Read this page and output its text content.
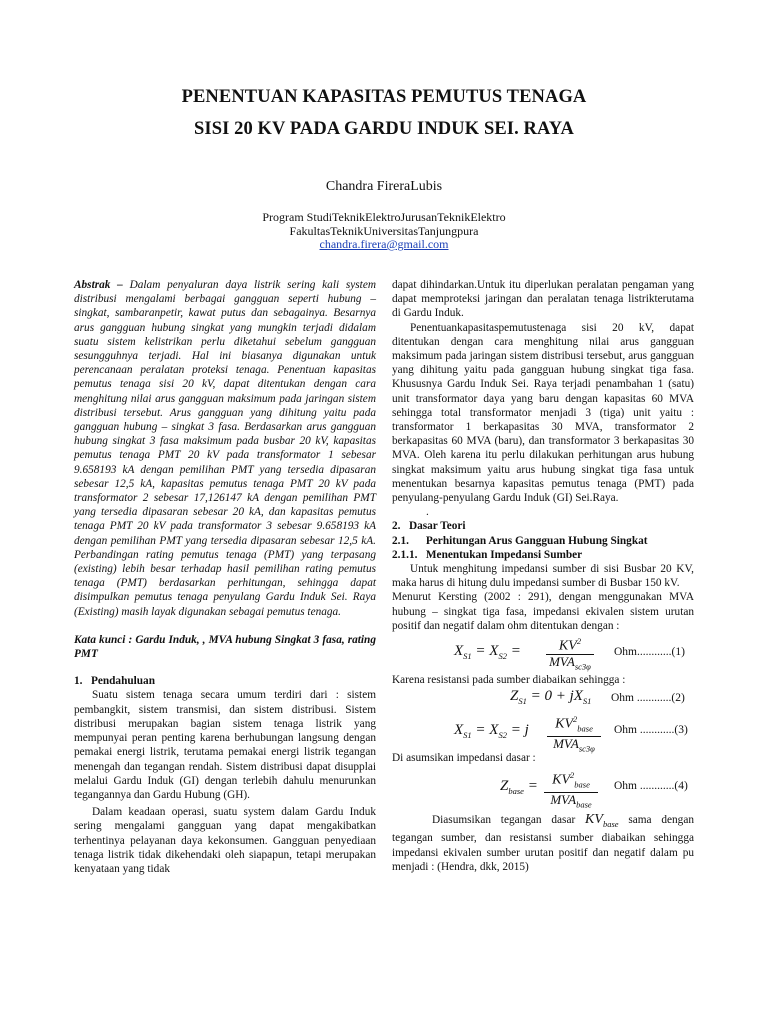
PENENTUAN KAPASITAS PEMUTUS TENAGA
SISI 20 KV PADA GARDU INDUK SEI. RAYA
Chandra FireraLubis
Program StudiTeknikElektroJurusanTeknikElektro
FakultasTeknikUniversitasTanjungpura
chandra.firera@gmail.com

Abstrak – Dalam penyaluran daya listrik sering kali system distribusi mengalami berbagai gangguan seperti hubung – singkat, sambaranpetir, kawat putus dan sebagainya. Besarnya arus gangguan hubung singkat yang mungkin terjadi didalam suatu sistem kelistrikan perlu diketahui sebelum gangguan sesungguhnya terjadi. Hal ini biasanya digunakan untuk perencanaan peralatan proteksi tenaga. Penentuan kapasitas pemutus tenaga sisi 20 kV, dapat ditentukan dengan cara menghitung nilai arus gangguan maksimum pada jaringan sistem distribusi tersebut. Arus gangguan yang dihitung yaitu pada gangguan hubung – singkat 3 fasa. Berdasarkan arus gangguan hubung singkat 3 fasa maksimum pada busbar 20 kV, kapasitas pemutus tenaga PMT 20 kV pada transformator 1 sebesar 9.658193 kA dengan pemilihan PMT yang tersedia dipasaran sebesar 12,5 kA, kapasitas pemutus tenaga PMT 20 kV pada transformator 2 sebesar 17,126147 kA dengan pemilihan PMT yang tersedia dipasaran sebesar 20 kA, dan kapasitas pemutus tenaga PMT 20 kV pada transformator 3 sebesar 9.658193 kA dengan pemilihan PMT yang tersedia dipasaran sebesar 12,5 kA. Perbandingan rating pemutus tenaga (PMT) yang terpasang (existing) lebih besar terhadap hasil pemilihan rating pemutus tenaga (PMT) berdasarkan perhitungan, sehingga dapat disimpulkan pemutus tenaga penyulang Gardu Induk Sei. Raya (Existing) masih layak digunakan sebagai pemutus tenaga.

Kata kunci : Gardu Induk, , MVA hubung Singkat 3 fasa, rating PMT

1.   Pendahuluan

Suatu sistem tenaga secara umum terdiri dari : sistem pembangkit, sistem transmisi, dan sistem distribusi. Sistem distribusi merupakan bagian sistem tenaga listrik yang mempunyai peran penting karena berhubungan langsung dengan pemakai energi listrik, terutama pemakai energi listrik tegangan menengah dan tegangan rendah. Sistem distribusi dapat disupplai melalui Gardu Induk (GI) dengan terlebih dahulu menurunkan tegangannya dan Gardu Hubung (GH).

Dalam keadaan operasi, suatu system dalam Gardu Induk sering mengalami gangguan yang dapat mengakibatkan terhentinya pelayanan daya kekonsumen. Gangguan penyediaan tenaga listrik tidak dikehendaki oleh siapapun, tetapi merupakan kenyataan yang tidak

dapat dihindarkan.Untuk itu diperlukan peralatan pengaman yang dapat memproteksi jaringan dan peralatan tenaga listrikterutama di Gardu Induk.

Penentuankapasitaspemutustenaga sisi 20 kV, dapat ditentukan dengan cara menghitung nilai arus gangguan maksimum pada jaringan sistem distribusi tersebut, arus gangguan yang dihitung yaitu pada gangguan hubung singkat tiga fasa. Khususnya Gardu Induk Sei. Raya terjadi penambahan 1 (satu) unit transformator daya yang baru dengan kapasitas 60 MVA sehingga total transformator menjadi 3 (tiga) unit yaitu : transformator 1 berkapasitas 30 MVA, transformator 2 berkapasitas 60 MVA (baru), dan transformator 3 berkapasitas 30 MVA. Oleh karena itu perlu dilakukan perhitungan arus hubung singkat maksimum yaitu arus hubung singkat tiga fasa untuk menentukan besarnya kapasitas pemutus tenaga (PMT) pada penyulang-penyulang Gardu Induk (GI) Sei.Raya.

.

2.   Dasar Teori

2.1.      Perhitungan Arus Gangguan Hubung Singkat

2.1.1.   Menentukan Impedansi Sumber

Untuk menghitung impedansi sumber di sisi Busbar 20 KV, maka harus di hitung dulu impedansi sumber di Busbar 150 kV.

Menurut Kersting (2002 : 291), dengan menggunakan MVA hubung – singkat tiga fasa, impedansi ekivalen sistem urutan positif dan negatif dalam ohm ditentukan dengan :

$X_{S1} = X_{S2}$ =	$KV^2$
$MVA_{sc3\varphi}$
Ohm............(1)

Karena resistansi pada sumber diabaikan sehingga :

$Z_{S1} = 0 + jX_{S1}$ Ohm ............(2)
$X_{S1} = X_{S2} = j$	$KV^2_{base}$
$MVA_{sc3\varphi}$
Ohm ............(3)

Di asumsikan impedansi dasar :

$Z_{base}$ =	$KV^2_{base}$
$MVA_{base}$
Ohm ............(4)

Diasumsikan tegangan dasar $KV_{base}$ sama dengan tegangan sumber, dan resistansi sumber diabaikan sehingga impedansi ekivalen sumber urutan positif dan negatif dalam pu menjadi : (Hendra, dkk, 2015)
